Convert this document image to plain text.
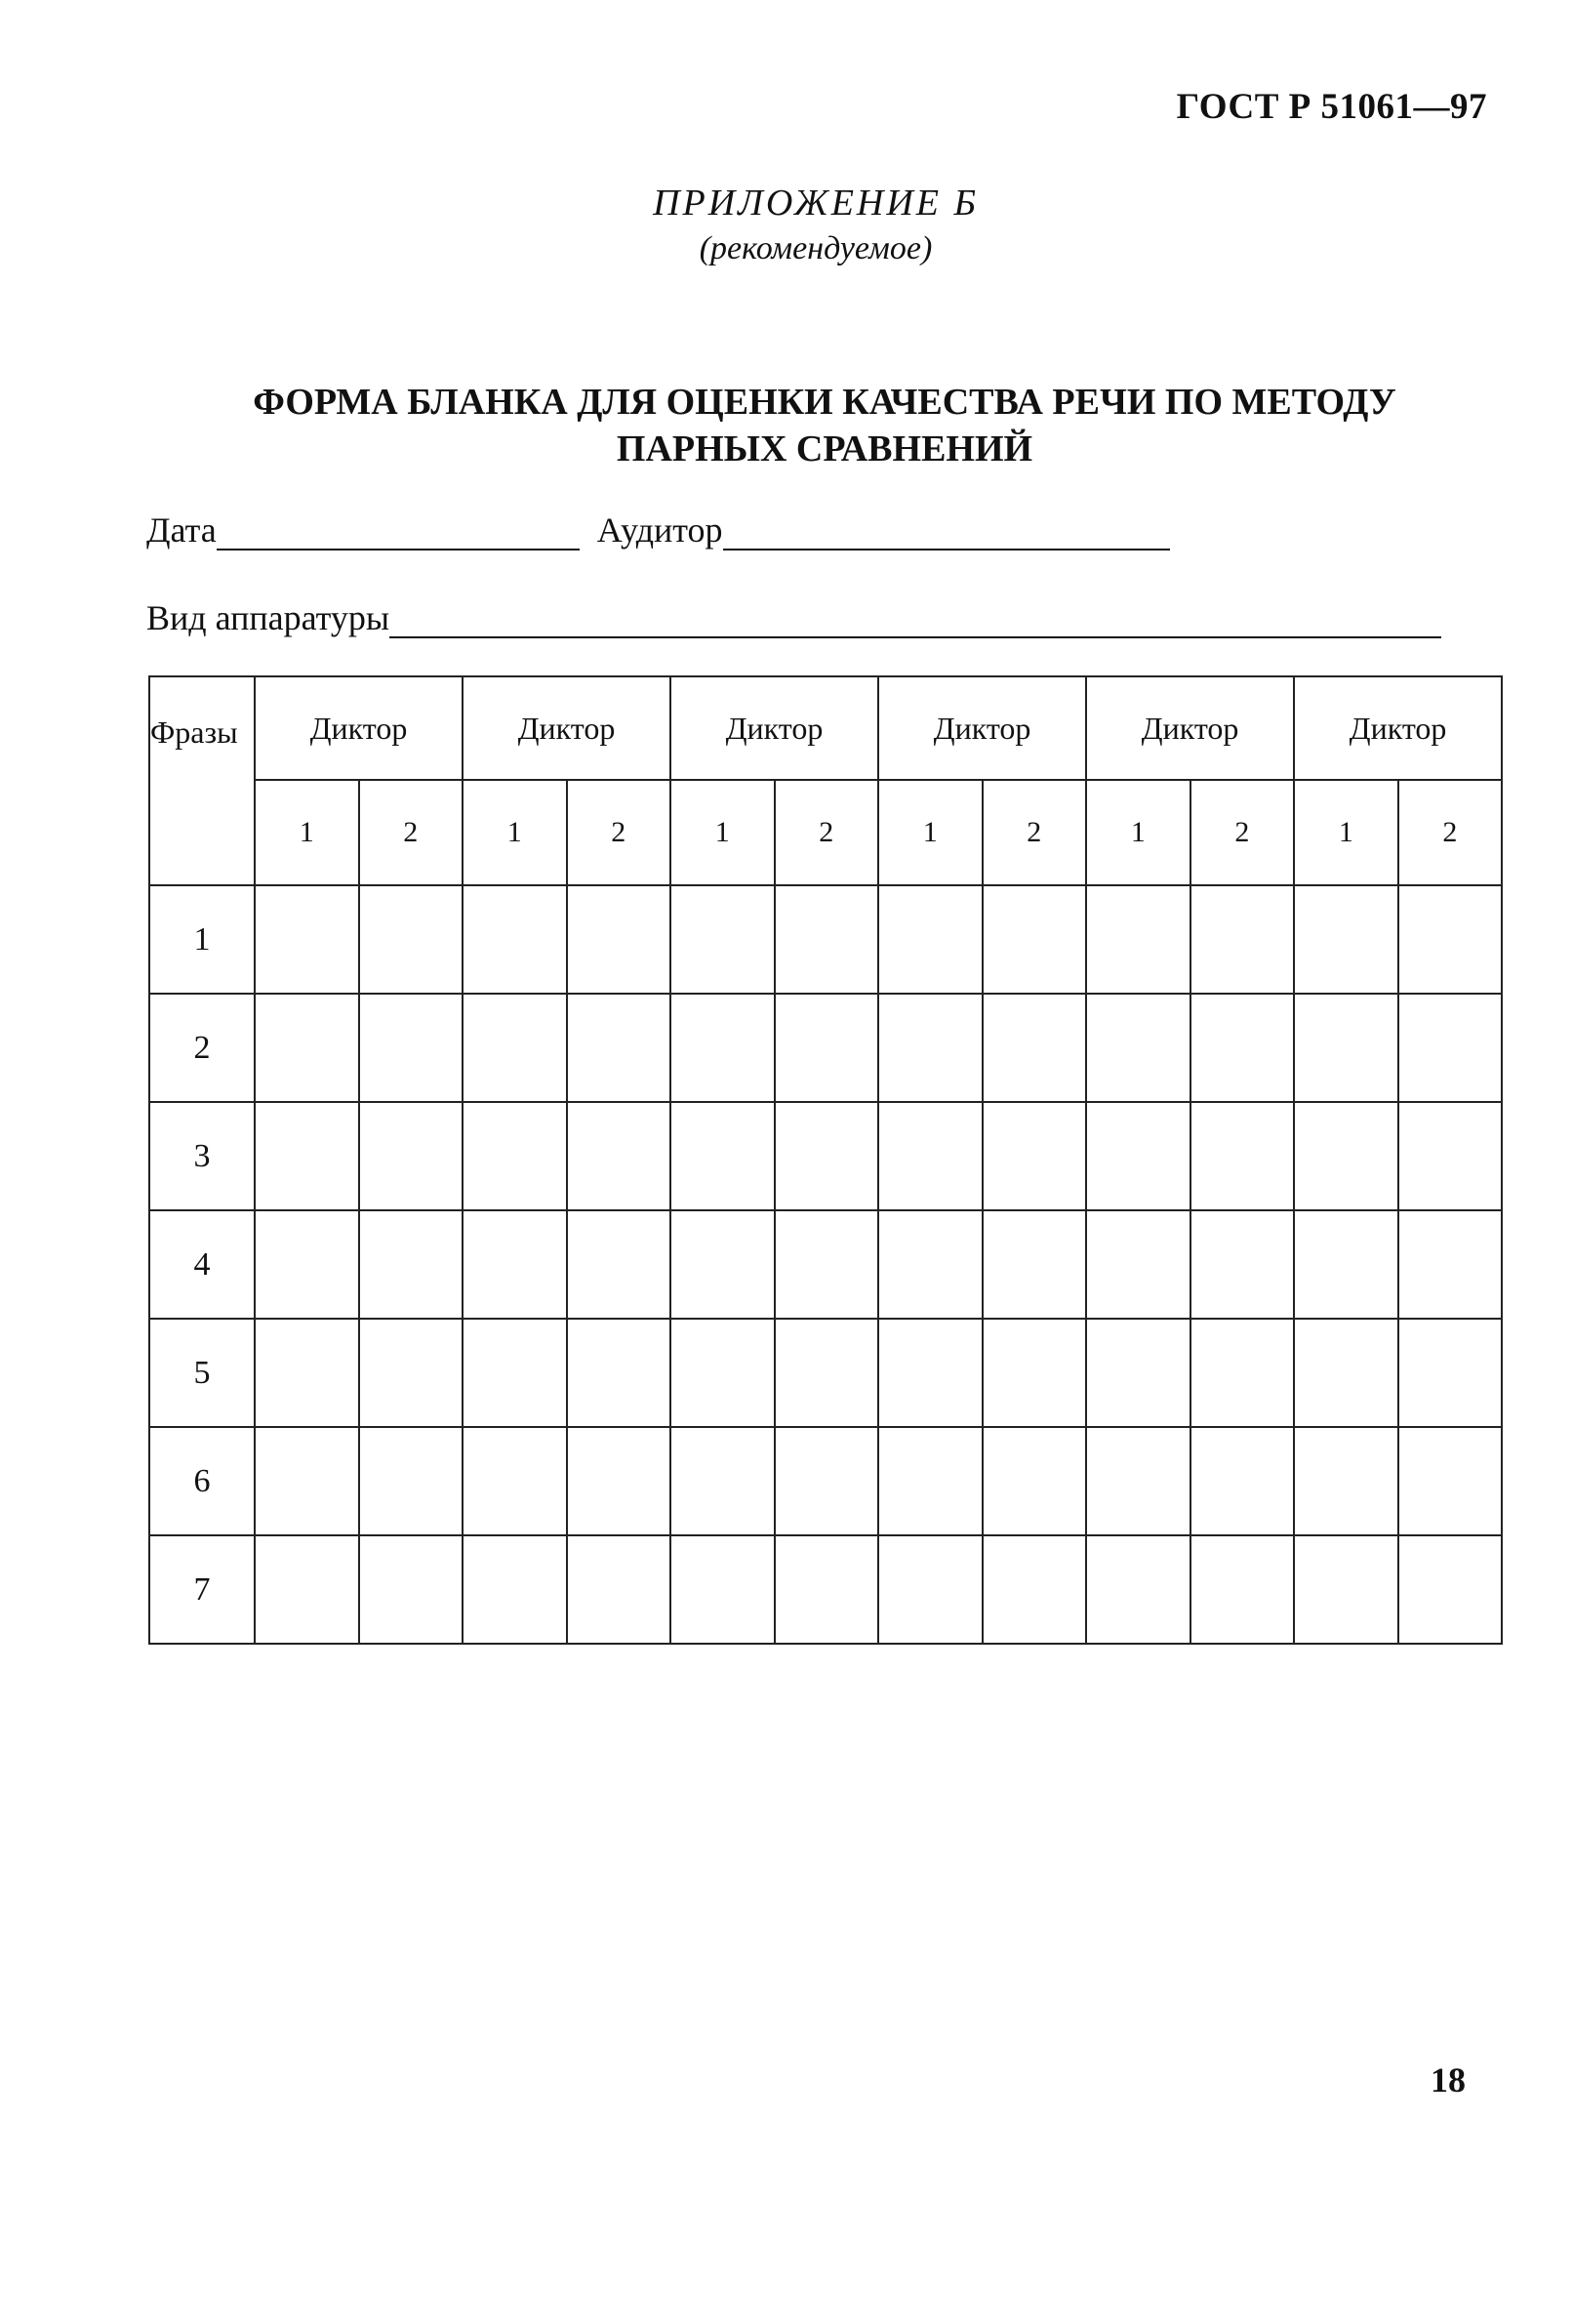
ГОСТ Р 51061—97
ПРИЛОЖЕНИЕ Б
(рекомендуемое)
ФОРМА БЛАНКА ДЛЯ ОЦЕНКИ КАЧЕСТВА РЕЧИ ПО МЕТОДУ
ПАРНЫХ СРАВНЕНИЙ
Дата	Аудитор
Вид аппаратуры
Фразы	Диктор		Диктор		Диктор		Диктор		Диктор		Диктор	
	1	2	1	2	1	2	1	2	1	2	1	2
1												
2												
3												
4												
5												
6												
7												
18
